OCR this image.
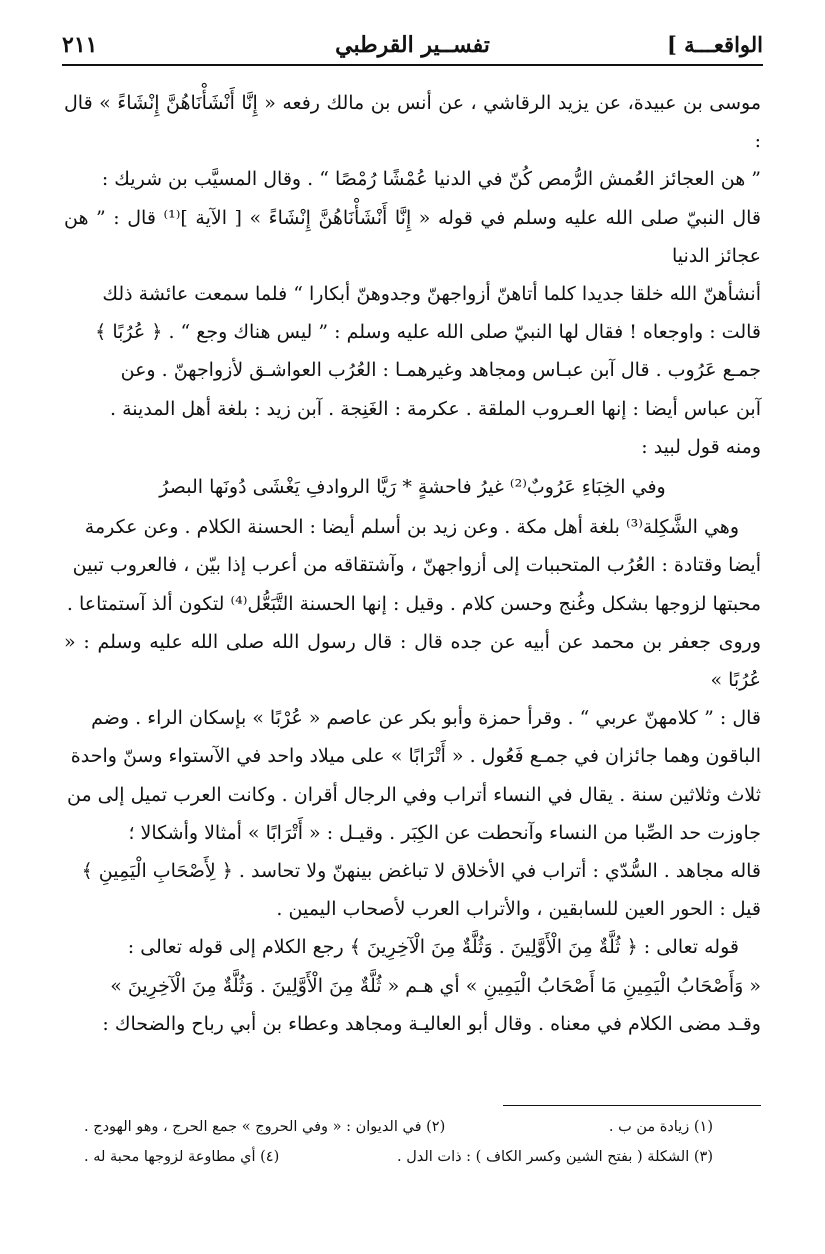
الواقعـــة ]
تفســير القرطبي
٢١١

موسى بن عبيدة، عن يزيد الرقاشي ، عن أنس بن مالك رفعه « إِنَّا أَنْشَأْنَاهُنَّ إِنْشَاءً » قال :

” هن العجائز العُمش الرُّمص كُنّ في الدنيا عُمْشًا رُمْصًا “ . وقال المسيَّب بن شريك :

قال النبيّ صلى الله عليه وسلم في قوله « إِنَّا أَنْشَأْنَاهُنَّ إِنْشَاءً » [ الآية ]⁽¹⁾ قال : ” هن عجائز الدنيا

أنشأهنّ الله خلقا جديدا كلما أتاهنّ أزواجهنّ وجدوهنّ أبكارا “ فلما سمعت عائشة ذلك

قالت : واوجعاه ! فقال لها النبيّ صلى الله عليه وسلم : ” ليس هناك وجع “ . ﴿ عُرُبًا ﴾

جمـع عَرُوب . قال آبن عبـاس ومجاهد وغيرهمـا : العُرُب العواشـق لأزواجهنّ . وعن

آبن عباس أيضا : إنها العـروب الملقة . عكرمة : الغَنِجة . آبن زيد : بلغة أهل المدينة .

ومنه قول لبيد :

وفي الخِبَاءِ عَرُوبٌ⁽²⁾ غيرُ فاحشةٍ * رَيَّا الروادفِ يَغْشَى دُونَها البصرُ

وهي الشَّكِلة⁽³⁾ بلغة أهل مكة . وعن زيد بن أسلم أيضا : الحسنة الكلام . وعن عكرمة

أيضا وقتادة : العُرُب المتحببات إلى أزواجهنّ ، وآشتقاقه من أعرب إذا بيّن ، فالعروب تبين

محبتها لزوجها بشكل وغُنج وحسن كلام . وقيل : إنها الحسنة التَّبَعُّل⁽⁴⁾ لتكون ألذ آستمتاعا .

وروى جعفر بن محمد عن أبيه عن جده قال : قال رسول الله صلى الله عليه وسلم : « عُرُبًا »

قال : ” كلامهنّ عربي “ . وقرأ حمزة وأبو بكر عن عاصم « عُرْبًا » بإسكان الراء . وضم

الباقون وهما جائزان في جمـع فَعُول . « أَتْرَابًا » على ميلاد واحد في الآستواء وسنّ واحدة

ثلاث وثلاثين سنة . يقال في النساء أتراب وفي الرجال أقران . وكانت العرب تميل إلى من

جاوزت حد الصِّبا من النساء وآنحطت عن الكِبَر . وقيـل : « أَتْرَابًا » أمثالا وأشكالا ؛

قاله مجاهد . السُّدّي : أتراب في الأخلاق لا تباغض بينهنّ ولا تحاسد . ﴿ لِأَصْحَابِ الْيَمِينِ ﴾

قيل : الحور العين للسابقين ، والأتراب العرب لأصحاب اليمين .

قوله تعالى : ﴿ ثُلَّةٌ مِنَ الْأَوَّلِينَ . وَثُلَّةٌ مِنَ الْآخِرِينَ ﴾ رجع الكلام إلى قوله تعالى :

« وَأَصْحَابُ الْيَمِينِ مَا أَصْحَابُ الْيَمِينِ » أي هـم « ثُلَّةٌ مِنَ الْأَوَّلِينَ . وَثُلَّةٌ مِنَ الْآخِرِينَ »

وقـد مضى الكلام في معناه . وقال أبو العاليـة ومجاهد وعطاء بن أبي رباح والضحاك :

(١) زيادة من ب .
(٢) في الديوان : « وفي الحروج » جمع الحرج ، وهو الهودج .
(٣) الشكلة ( بفتح الشين وكسر الكاف ) : ذات الدل .
(٤) أي مطاوعة لزوجها محبة له .
